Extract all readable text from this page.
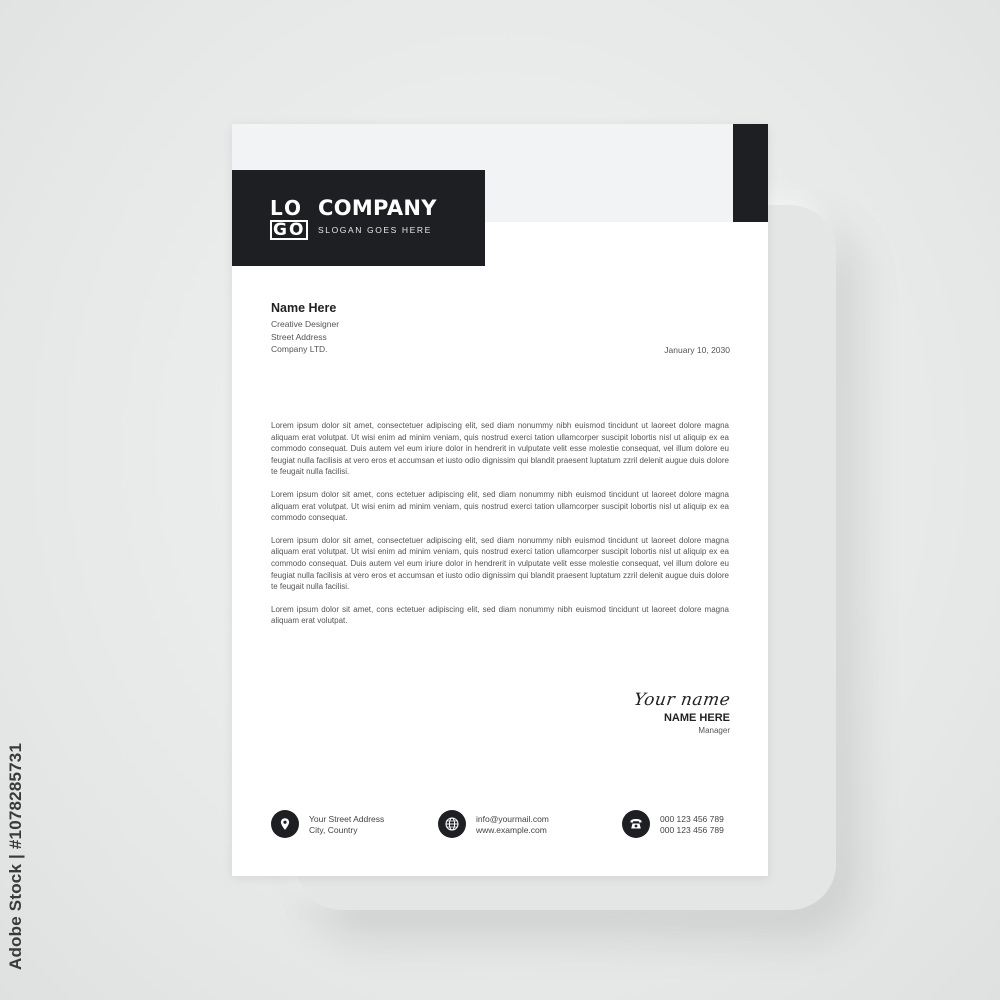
LO
GO
COMPANY
SLOGAN GOES HERE
Name Here
Creative Designer
Street Address
Company LTD.	January 10, 2030

Lorem ipsum dolor sit amet, consectetuer adipiscing elit, sed diam nonummy nibh euismod tincidunt ut laoreet dolore magna aliquam erat volutpat. Ut wisi enim ad minim veniam, quis nostrud exerci tation ullamcorper suscipit lobortis nisl ut aliquip ex ea commodo consequat. Duis autem vel eum iriure dolor in hendrerit in vulputate velit esse molestie consequat, vel illum dolore eu feugiat nulla facilisis at vero eros et accumsan et iusto odio dignissim qui blandit praesent luptatum zzril delenit augue duis dolore te feugait nulla facilisi.

Lorem ipsum dolor sit amet, cons ectetuer adipiscing elit, sed diam nonummy nibh euismod tincidunt ut laoreet dolore magna aliquam erat volutpat. Ut wisi enim ad minim veniam, quis nostrud exerci tation ullamcorper suscipit lobortis nisl ut aliquip ex ea commodo consequat.

Lorem ipsum dolor sit amet, consectetuer adipiscing elit, sed diam nonummy nibh euismod tincidunt ut laoreet dolore magna aliquam erat volutpat. Ut wisi enim ad minim veniam, quis nostrud exerci tation ullamcorper suscipit lobortis nisl ut aliquip ex ea commodo consequat. Duis autem vel eum iriure dolor in hendrerit in vulputate velit esse molestie consequat, vel illum dolore eu feugiat nulla facilisis at vero eros et accumsan et iusto odio dignissim qui blandit praesent luptatum zzril delenit augue duis dolore te feugait nulla facilisi.

Lorem ipsum dolor sit amet, cons ectetuer adipiscing elit, sed diam nonummy nibh euismod tincidunt ut laoreet dolore magna aliquam erat volutpat.

Your name
NAME HERE
Manager
Your Street Address
City, Country
info@yourmail.com
www.example.com
000 123 456 789
000 123 456 789
Adobe Stock | #1078285731
